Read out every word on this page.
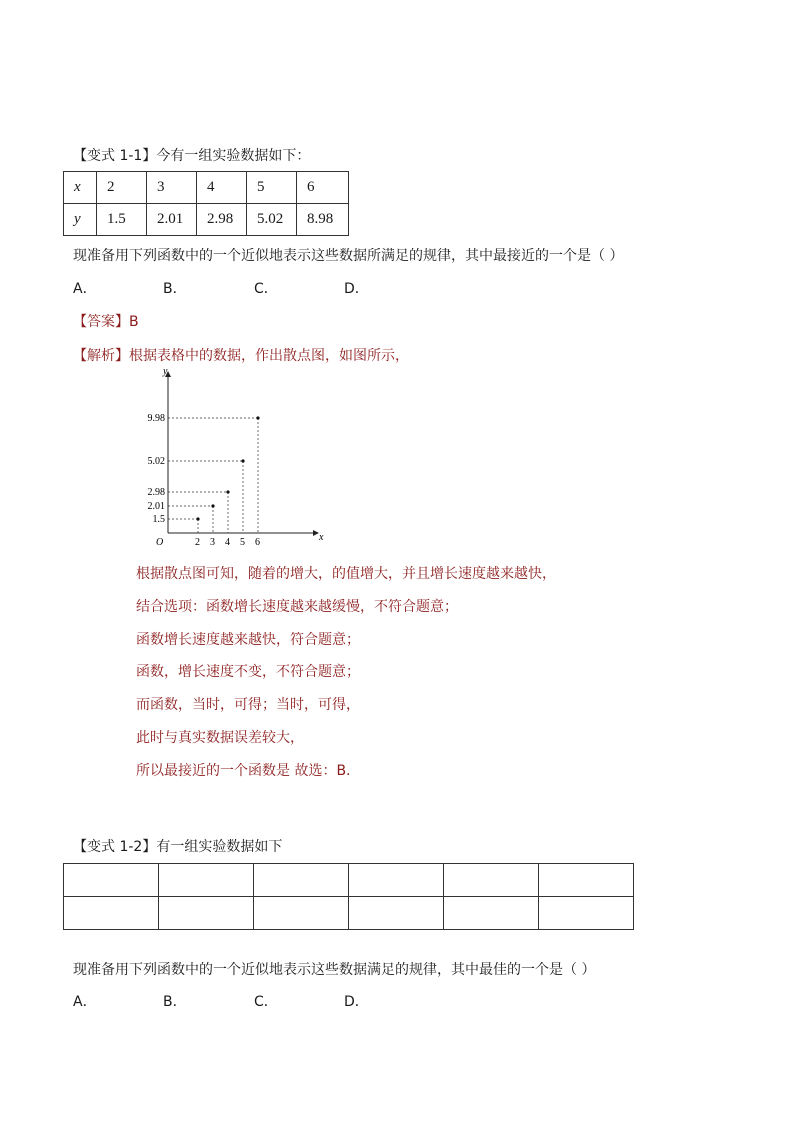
【变式 1-1】今有一组实验数据如下：
x	2	3	4	5	6
y	1.5	2.01	2.98	5.02	8.98
现准备用下列函数中的一个近似地表示这些数据所满足的规律，其中最接近的一个是（ ）
A．	B．	C．	D．
【答案】B
【解析】根据表格中的数据，作出散点图，如图所示，
x
y
O	2
1.5
3
2.01
4
2.98
5
5.02
6
9.98
根据散点图可知，随着的增大，的值增大，并且增长速度越来越快，
结合选项：函数增长速度越来越缓慢，不符合题意；
函数增长速度越来越快，符合题意；
函数，增长速度不变，不符合题意；
而函数，当时，可得；当时，可得，
此时与真实数据误差较大，
所以最接近的一个函数是 故选：B.
【变式 1-2】有一组实验数据如下

现准备用下列函数中的一个近似地表示这些数据满足的规律，其中最佳的一个是（ ）
A．	B．	C．	D．
